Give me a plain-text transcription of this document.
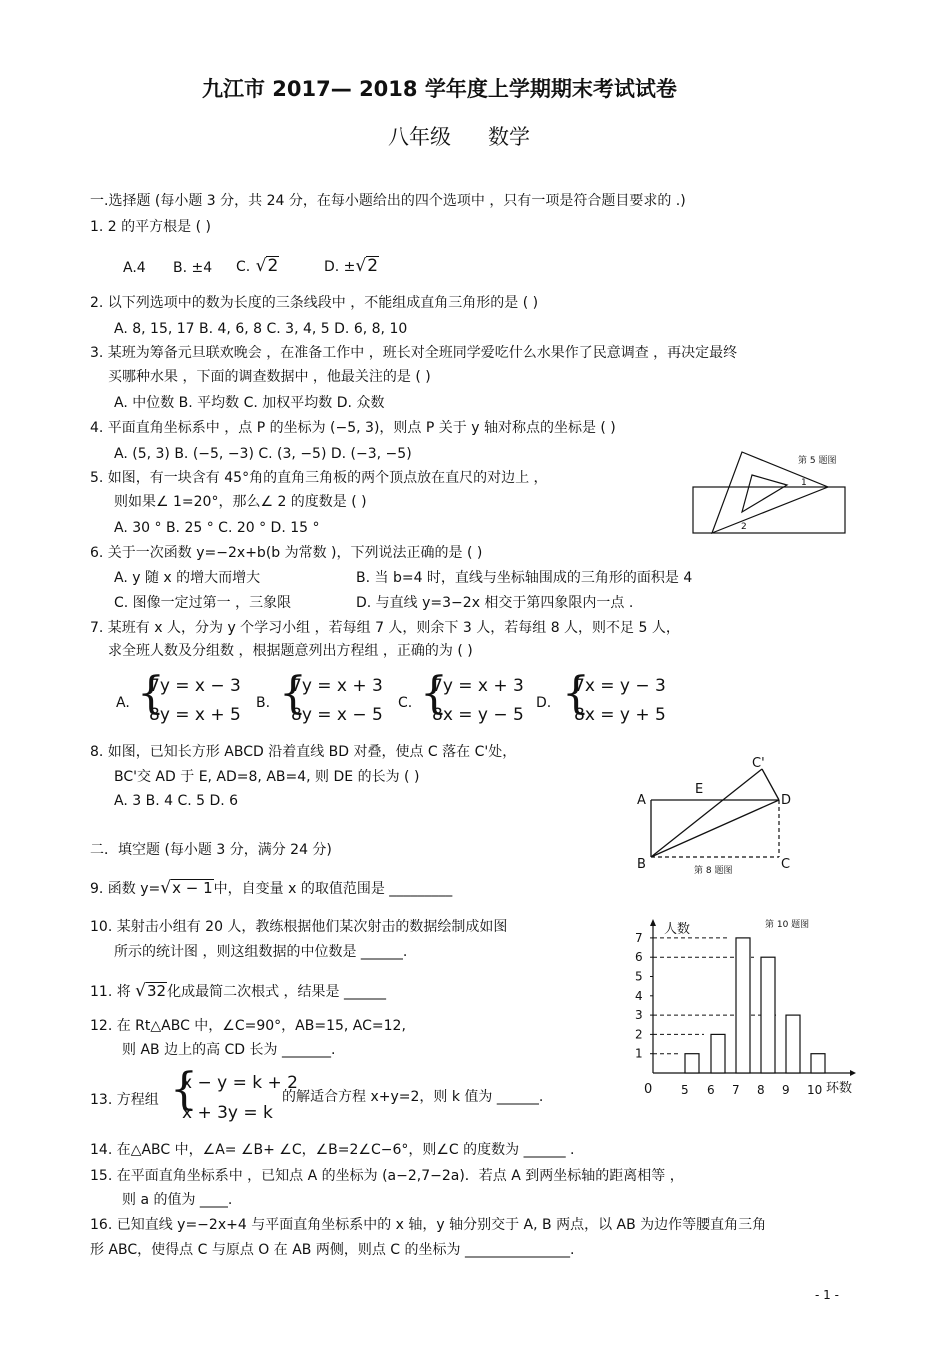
九江市 2017— 2018 学年度上学期期末考试试卷
八年级 数学
一.选择题 (每小题 3 分，共 24 分，在每小题给出的四个选项中 ，只有一项是符合题目要求的 .)
1. 2 的平方根是 ( )
A.4 B. ±4 C. √2	D. ±√2
2. 以下列选项中的数为长度的三条线段中 ，不能组成直角三角形的是 ( )
A. 8, 15, 17 B. 4, 6, 8 C. 3, 4, 5 D. 6, 8, 10
3. 某班为筹备元旦联欢晚会 ，在准备工作中 ，班长对全班同学爱吃什么水果作了民意调查 ，再决定最终
买哪种水果 ，下面的调查数据中 ，他最关注的是 ( )
A. 中位数 B. 平均数 C. 加权平均数 D. 众数
4. 平面直角坐标系中 ，点 P 的坐标为 (−5, 3)，则点 P 关于 y 轴对称点的坐标是 ( )
A. (5, 3) B. (−5, −3) C. (3, −5) D. (−3, −5)
5. 如图，有一块含有 45°角的直角三角板的两个顶点放在直尺的对边上 ，
则如果∠ 1=20°，那么∠ 2 的度数是 ( )
A. 30 ° B. 25 ° C. 20 ° D. 15 °
第 5 题图
1
2
6. 关于一次函数 y=−2x+b(b 为常数 )，下列说法正确的是 ( )
A. y 随 x 的增大而增大	B. 当 b=4 时，直线与坐标轴围成的三角形的面积是 4
C. 图像一定过第一 ，三象限	D. 与直线 y=3−2x 相交于第四象限内一点 .
7. 某班有 x 人，分为 y 个学习小组 ，若每组 7 人，则余下 3 人，若每组 8 人，则不足 5 人，
求全班人数及分组数 ，根据题意列出方程组 ，正确的为 ( )
A. {
7y = x − 3
8y = x + 5
B. {
7y = x + 3
8y = x − 5
C. {
7y = x + 3
8x = y − 5
D. {
7x = y − 3
8x = y + 5
8. 如图，已知长方形 ABCD 沿着直线 BD 对叠，使点 C 落在 C'处，
BC'交 AD 于 E, AD=8, AB=4, 则 DE 的长为 ( )
A. 3 B. 4 C. 5 D. 6	A
B	C
D
E
C'
第 8 题图
二．填空题 (每小题 3 分，满分 24 分)
9. 函数 y=√x − 1中，自变量 x 的取值范围是 _________
10. 某射击小组有 20 人，教练根据他们某次射击的数据绘制成如图
所示的统计图 ，则这组数据的中位数是 ______.
第 10 题图
人数
环数
0
1
2
3
4
5
6
7
5 6 7 8 9 10
11. 将 √32化成最简二次根式 ，结果是 ______
12. 在 Rt△ABC 中，∠C=90°，AB=15, AC=12,
则 AB 边上的高 CD 长为 _______.
13. 方程组 {
x − y = k + 2
x + 3y = k
的解适合方程 x+y=2，则 k 值为 ______.
14. 在△ABC 中，∠A= ∠B+ ∠C，∠B=2∠C−6°，则∠C 的度数为 ______ .
15. 在平面直角坐标系中 ，已知点 A 的坐标为 (a−2,7−2a)．若点 A 到两坐标轴的距离相等 ，
则 a 的值为 ____.
16. 已知直线 y=−2x+4 与平面直角坐标系中的 x 轴，y 轴分别交于 A, B 两点，以 AB 为边作等腰直角三角
形 ABC，使得点 C 与原点 O 在 AB 两侧，则点 C 的坐标为 _______________.
- 1 -
